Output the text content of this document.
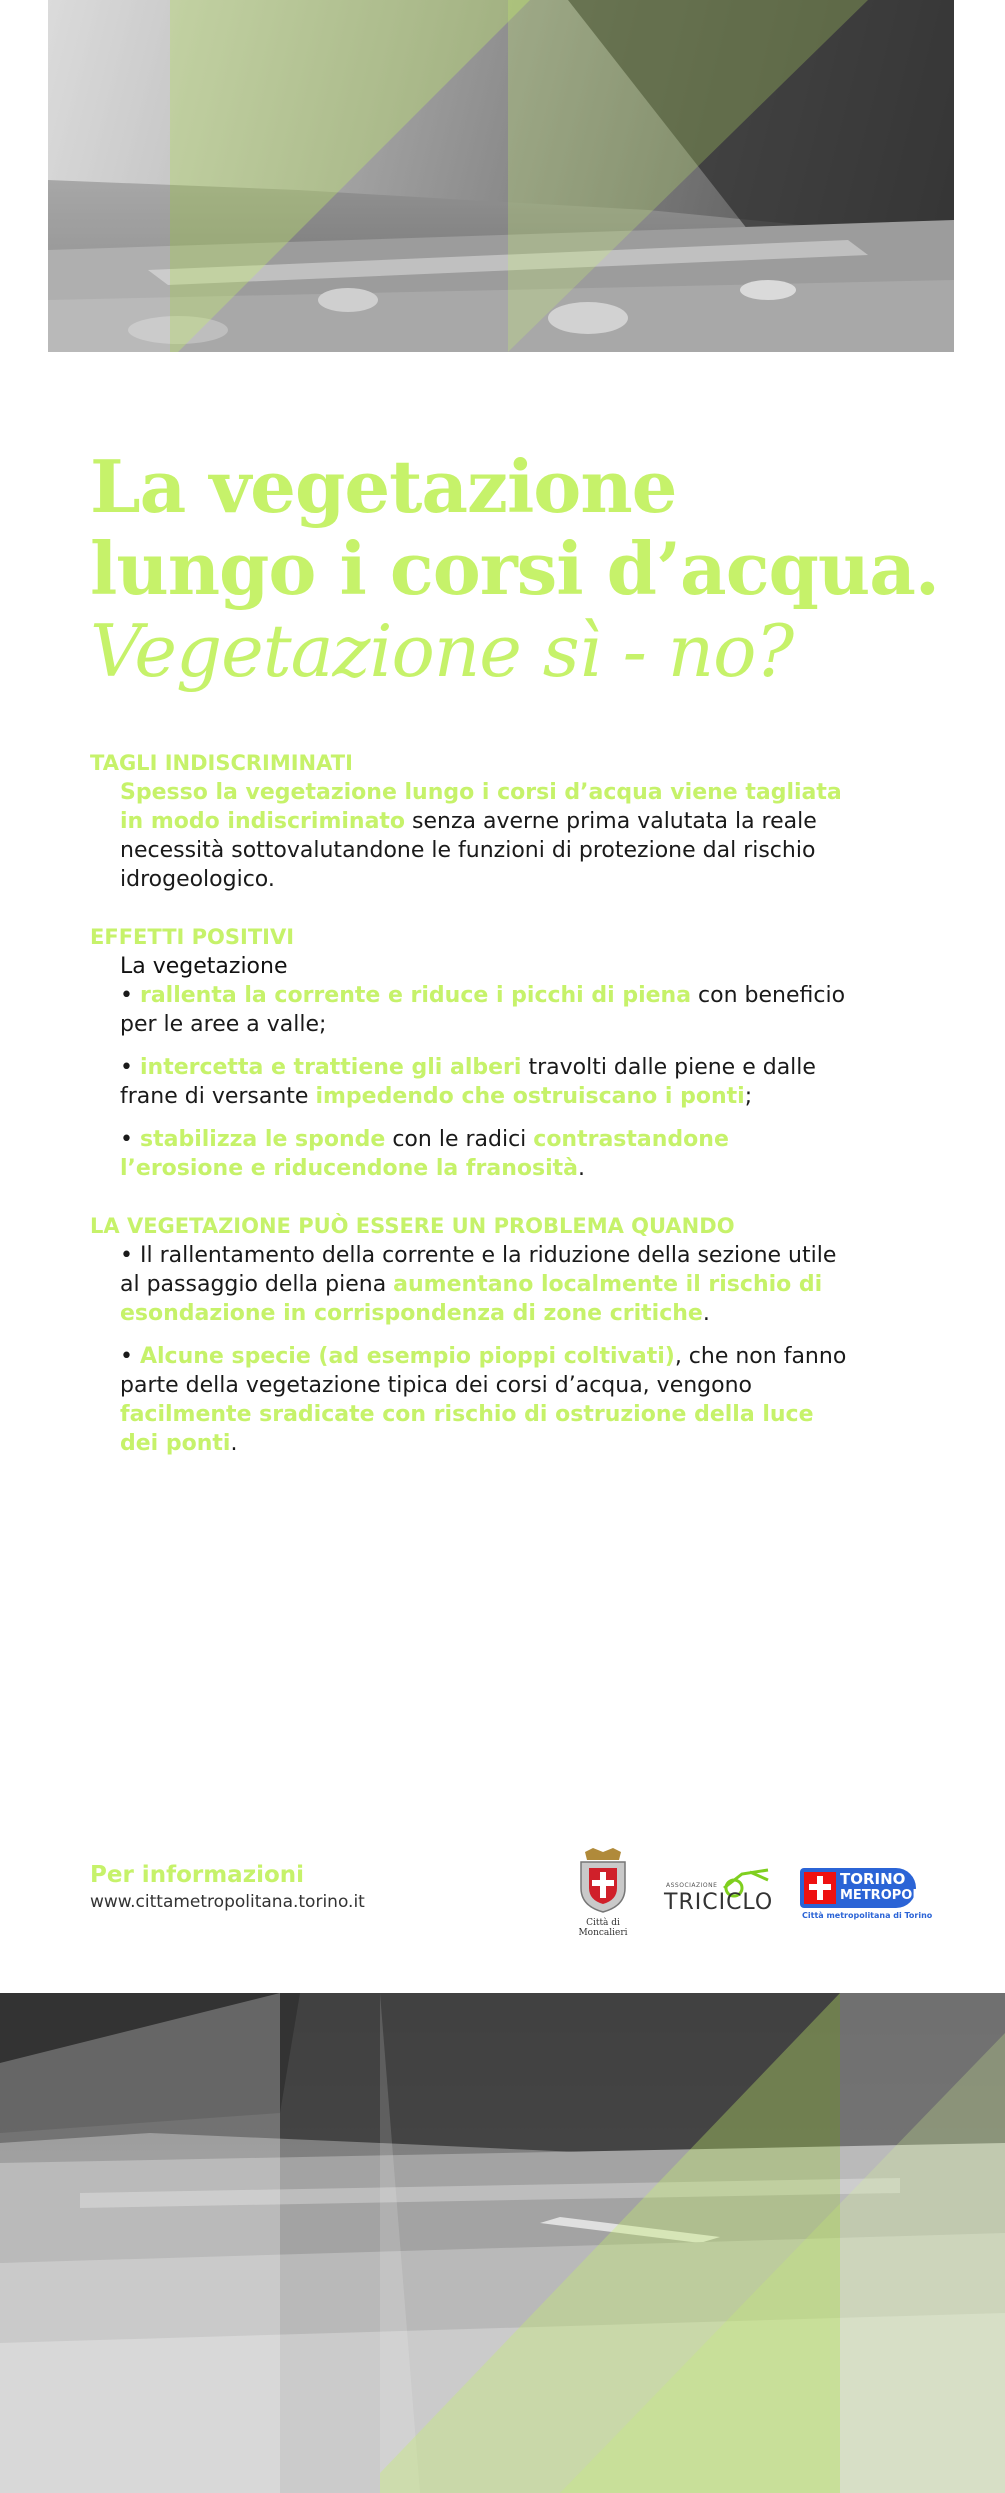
La vegetazione
lungo i corsi d’acqua.
Vegetazione sì - no?
TAGLI INDISCRIMINATI

Spesso la vegetazione lungo i corsi d’acqua viene tagliata in modo indiscriminato senza averne prima valutata la reale necessità sottovalutandone le funzioni di protezione dal rischio idrogeologico.

EFFETTI POSITIVI

La vegetazione

• rallenta la corrente e riduce i picchi di piena con beneficio per le aree a valle;

• intercetta e trattiene gli alberi travolti dalle piene e dalle frane di versante impedendo che ostruiscano i ponti;

• stabilizza le sponde con le radici contrastandone l’erosione e riducendone la franosità.

LA VEGETAZIONE PUÒ ESSERE UN PROBLEMA QUANDO

• Il rallentamento della corrente e la riduzione della sezione utile al passaggio della piena aumentano localmente il rischio di esondazione in corrispondenza di zone critiche.

• Alcune specie (ad esempio pioppi coltivati), che non fanno parte della vegetazione tipica dei corsi d’acqua, vengono facilmente sradicate con rischio di ostruzione della luce dei ponti.

Per informazioni
www.cittametropolitana.torino.it
Città di
Moncalieri
ASSOCIAZIONE
TRICICLO
TORINO
METROPOLI
Città metropolitana di Torino
